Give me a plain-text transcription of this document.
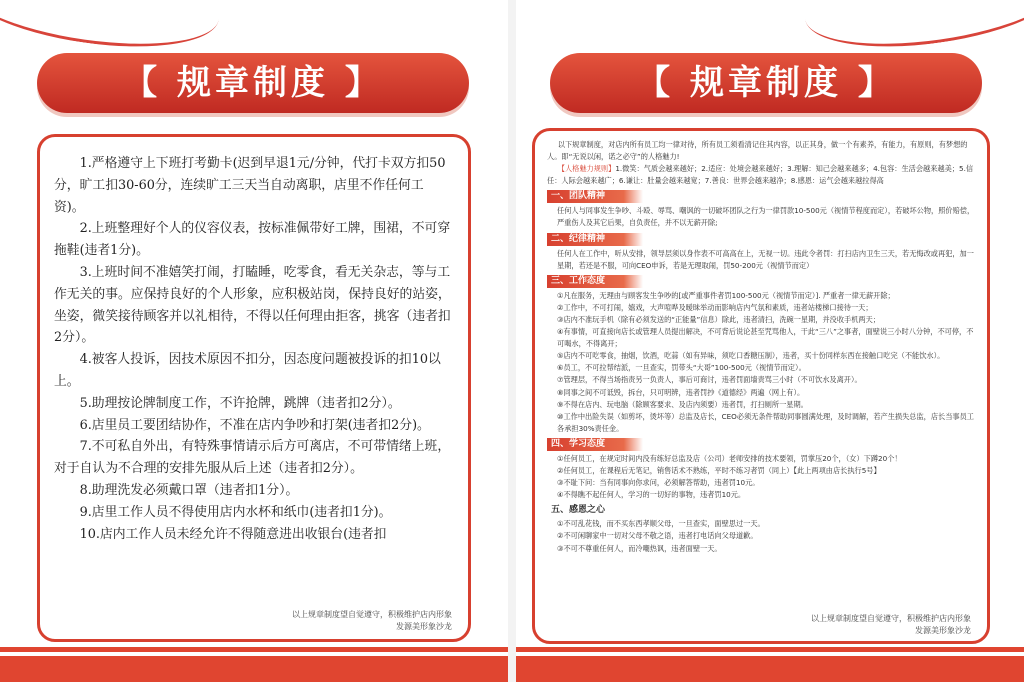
【 规章制度 】

1.严格遵守上下班打考勤卡(迟到早退1元/分钟，代打卡双方扣50分，旷工扣30-60分，连续旷工三天当自动离职，店里不作任何工资)。

2.上班整理好个人的仪容仪表，按标准佩带好工牌，围裙，不可穿拖鞋(违者1分)。

3.上班时间不准嬉笑打闹，打瞌睡，吃零食，看无关杂志，等与工作无关的事。应保持良好的个人形象，应积极站岗，保持良好的站姿，坐姿，微笑接待顾客并以礼相待，不得以任何理由拒客，挑客（违者扣2分）。

4.被客人投诉，因技术原因不扣分，因态度问题被投诉的扣10以上。

5.助理按论牌制度工作，不许抢牌，跳牌（违者扣2分）。

6.店里员工要团结协作，不准在店内争吵和打架(违者扣2分)。

7.不可私自外出，有特殊事情请示后方可离店，不可带情绪上班，对于自认为不合理的安排先服从后上述（违者扣2分）。

8.助理洗发必须戴口罩（违者扣1分）。

9.店里工作人员不得使用店内水杯和纸巾(违者扣1分)。

10.店内工作人员未经允许不得随意进出收银台(违者扣

以上规章制度望自觉遵守，积极维护店内形象
发源美形象沙龙
【 规章制度 】

以下规章制度，对店内所有员工均一律对待，所有员工须看清记住其内容，以正其身，做一个有素养，有能力，有原则，有梦想的人。即“无说以闲，诺之必守”的人格魅力!

【人格魅力规则】1.微笑：气质会越来越好；2.适应：处境会越来越好；3.理解：知己会越来越多；4.包容：生活会越来越美；5.信任：人际会越来越广；6.谦让：肚量会越来越宽；7.善良：世界会越来越净；8.感恩：运气会越来越拉得高

一、团队精神

任何人与同事发生争吵、斗殴、辱骂、嘲讽的一切破坏团队之行为一律罚款10-500元（视情节程度而定），若破坏公物，照价赔偿，严重伤人及其它后果，自负责任，并不以无薪开除;

二、纪律精神

任何人在工作中，听从安排，领导层须以身作表不可高高在上，无视一切。违此令者罚：打扫店内卫生三天，若无悔改或再犯，加一星期，若还是不服，可向CEO申诉，若是无理取闹，罚50-200元（视情节而定）

三、工作态度

①凡在服务，无理由与顾客发生争吵的[或严重事件者罚100-500元（视情节而定）]. 严重者一律无薪开除；

②工作中，不可打闹，嬉戏，大声喧哗及暧昧举动而影响店内气氛和素质，违者站楼梯口接待一天；

③店内不准玩手机（除有必须发送的“正能量”信息）除此，违者清扫，洗碗一星期，并没收手机两天；

④有事情，可直接向店长或管理人员提出解决，不可背后说论甚至咒骂他人，干此“三八”之事者，面壁说三小时八分钟，不可停，不可喝水，不得离开；

⑤店内不可吃零食，抽烟，饮酒，吃蒜（如有异味，须吃口香糖压制），违者，买十份同样东西在接触口吃完（不能饮水）。

⑥员工，不可拉帮结派，一旦查实，罚带头“大哥”100-500元（视情节而定）。

⑦管理层，不得当场指责另一负责人，事后可商讨，违者罚面墙责骂三小时（不可饮水及离开）。

⑧同事之间不可诋毁，拆台，只可明辨，违者罚抄《道德经》两遍（网上有）。

⑨不得在店内、玩电脑（除顾客要求、及店内须要）违者罚，打扫厕所一星期。

⑩工作中出险失误（如剪坏，烫坏等）总监及店长，CEO必须无条件帮助同事圆满处理，及时调解，若产生损失总监，店长当事员工各承担30%责任金。

四、学习态度

①任何员工，在规定时间内没有练好总监及店（公司）老师安排的技术要领，罚掌压20个，（女）下蹲20个！

②任何员工，在课程后无笔记，销售话术不熟练，平时不练习者罚（同上）【此上两项由店长执行5号】

③不耻下问：当有同事向你求问，必须解答帮助，违者罚10元。

④不得瞧不起任何人，学习的一切好的事物，违者罚10元。

五、感恩之心

①不可乱花钱，而不买东西孝顺父母，一旦查实，面壁思过一天。

②不可闲聊家中一切对父母不敬之语，违者打电话向父母道歉。

③不可不尊重任何人，而冷嘲热讽，违者面壁一天。

以上规章制度望自觉遵守，积极维护店内形象
发源美形象沙龙
